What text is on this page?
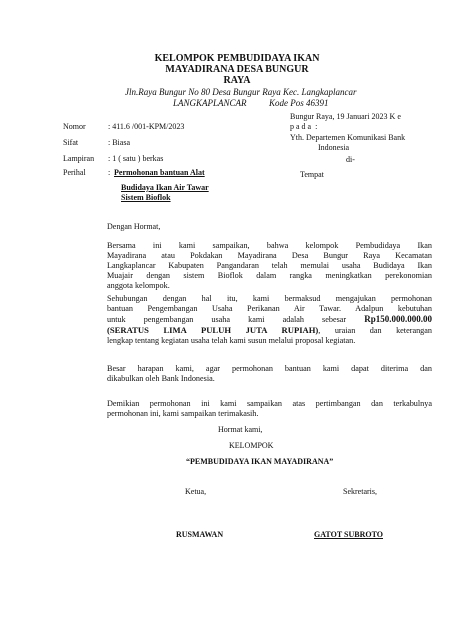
KELOMPOK PEMBUDIDAYA IKAN
MAYADIRANA DESA BUNGUR
RAYA
Jln.Raya Bungur No 80 Desa Bungur Raya Kec. Langkaplancar
LANGKAPLANCAR          Kode Pos 46391
Bungur Raya, 19 Januari 2023 K e
p a d a  :
Yth. Departemen Komunikasi Bank
Indonesia
di-
Tempat
Nomor	: 411.6 /001-KPM/2023
Sifat	: Biasa
Lampiran : 1 ( satu ) berkas
Perihal	: Permohonan bantuan Alat
Budidaya Ikan Air Tawar
Sistem Bioflok
Dengan Hormat,
Bersama ini kami sampaikan, bahwa kelompok Pembudidaya Ikan
Mayadirana atau Pokdakan Mayadirana Desa Bungur Raya Kecamatan
Langkaplancar Kabupaten Pangandaran telah memulai usaha Budidaya Ikan
Muajair dengan sistem Bioflok dalam rangka meningkatkan perekonomian
anggota kelompok.
Sehubungan dengan hal itu, kami bermaksud mengajukan permohonan
bantuan Pengembangan Usaha Perikanan Air Tawar. Adalpun kebutuhan
untuk pengembangan usaha kami adalah sebesar Rp150.000.000.00
(SERATUS LIMA PULUH JUTA RUPIAH), uraian dan keterangan
lengkap tentang kegiatan usaha telah kami susun melalui proposal kegiatan.
Besar harapan kami, agar permohonan bantuan kami dapat diterima dan
dikabulkan oleh Bank Indonesia.
Demikian permohonan ini kami sampaikan atas pertimbangan dan terkabulnya
permohonan ini, kami sampaikan terimakasih.
Hormat kami,
KELOMPOK
“PEMBUDIDAYA IKAN MAYADIRANA”
Ketua,	Sekretaris,
RUSMAWAN	GATOT SUBROTO
